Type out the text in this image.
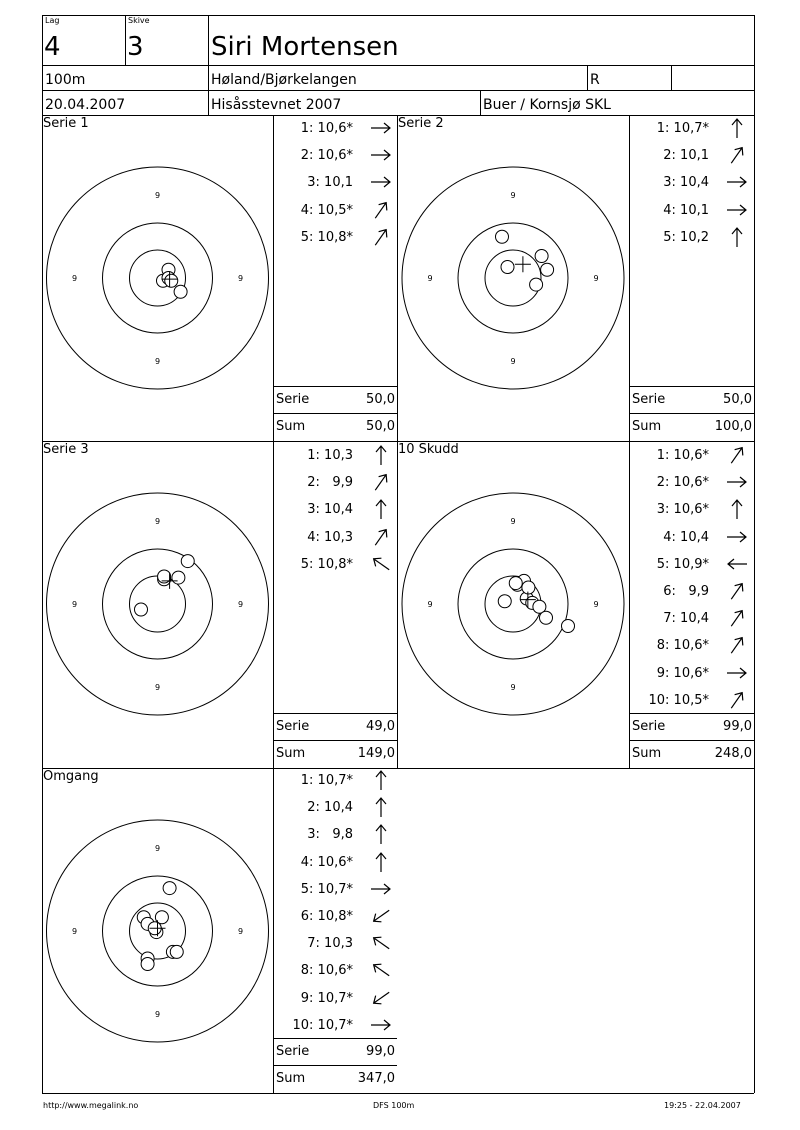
Lag
4
Skive
3	Siri Mortensen
100m	Høland/Bjørkelangen	R
20.04.2007	Hisåsstevnet 2007	Buer / Kornsjø SKL
Serie 1
9
9
9	9
1: 10,6*
2: 10,6*
3: 10,1
4: 10,5*
5: 10,8*
Serie	50,0
Sum	50,0
Serie 2
9
9
9	9
1: 10,7*
2: 10,1
3: 10,4
4: 10,1
5: 10,2
Serie	50,0
Sum	100,0
Serie 3
9
9
9	9
1: 10,3
2:   9,9
3: 10,4
4: 10,3
5: 10,8*
Serie	49,0
Sum	149,0
10 Skudd
9
9
9	9
1: 10,6*
2: 10,6*
3: 10,6*
4: 10,4
5: 10,9*
6:   9,9
7: 10,4
8: 10,6*
9: 10,6*
10: 10,5*
Serie	99,0
Sum	248,0
Omgang
9
9
9	9
1: 10,7*
2: 10,4
3:   9,8
4: 10,6*
5: 10,7*
6: 10,8*
7: 10,3
8: 10,6*
9: 10,7*
10: 10,7*
Serie	99,0
Sum	347,0
http://www.megalink.no	DFS 100m	19:25 - 22.04.2007
